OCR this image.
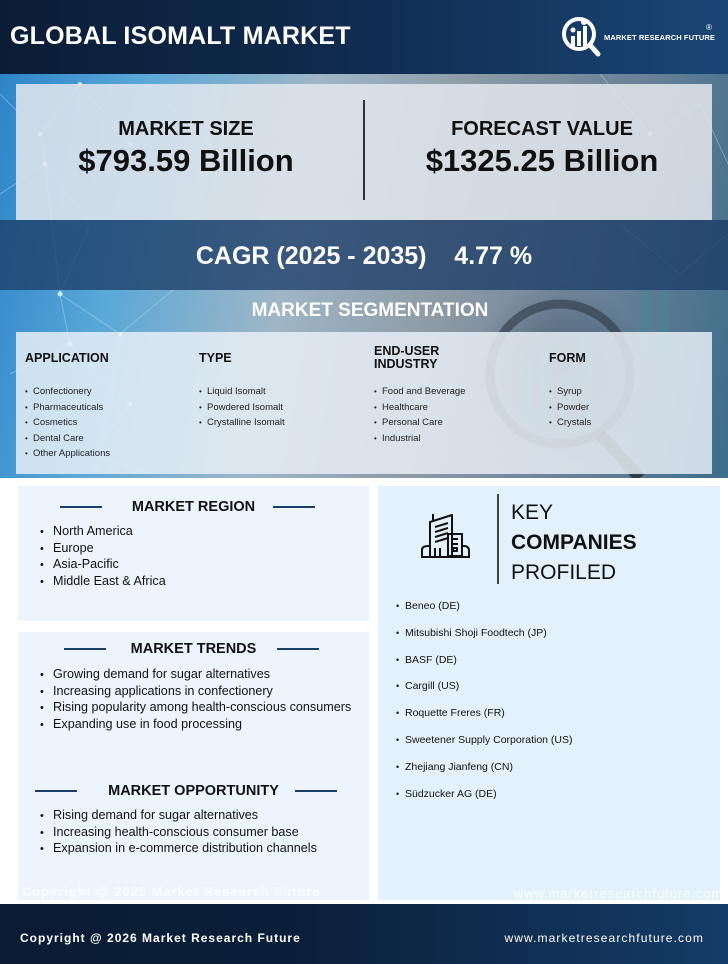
GLOBAL ISOMALT MARKET	MARKET RESEARCH FUTURE
®
MARKET SIZE
$793.59 Billion
FORECAST VALUE
$1325.25 Billion
CAGR (2025 - 2035)    4.77 %
MARKET SEGMENTATION
APPLICATION
• Confectionery
• Pharmaceuticals
• Cosmetics
• Dental Care
• Other Applications
TYPE
• Liquid Isomalt
• Powdered Isomalt
• Crystalline Isomalt
END-USER INDUSTRY
• Food and Beverage
• Healthcare
• Personal Care
• Industrial
FORM
• Syrup
• Powder
• Crystals
MARKET REGION
• North America
• Europe
• Asia-Pacific
• Middle East & Africa
MARKET TRENDS
• Growing demand for sugar alternatives
• Increasing applications in confectionery
• Rising popularity among health-conscious consumers
• Expanding use in food processing
MARKET OPPORTUNITY
• Rising demand for sugar alternatives
• Increasing health-conscious consumer base
• Expansion in e-commerce distribution channels
Copyright @ 2025 Market Research Future
KEY
COMPANIES
PROFILED
• Beneo (DE)
• Mitsubishi Shoji Foodtech (JP)
• BASF (DE)
• Cargill (US)
• Roquette Freres (FR)
• Sweetener Supply Corporation (US)
• Zhejiang Jianfeng (CN)
• Südzucker AG (DE)
www.marketresearchfuture.com
Copyright @ 2026 Market Research Future	www.marketresearchfuture.com
